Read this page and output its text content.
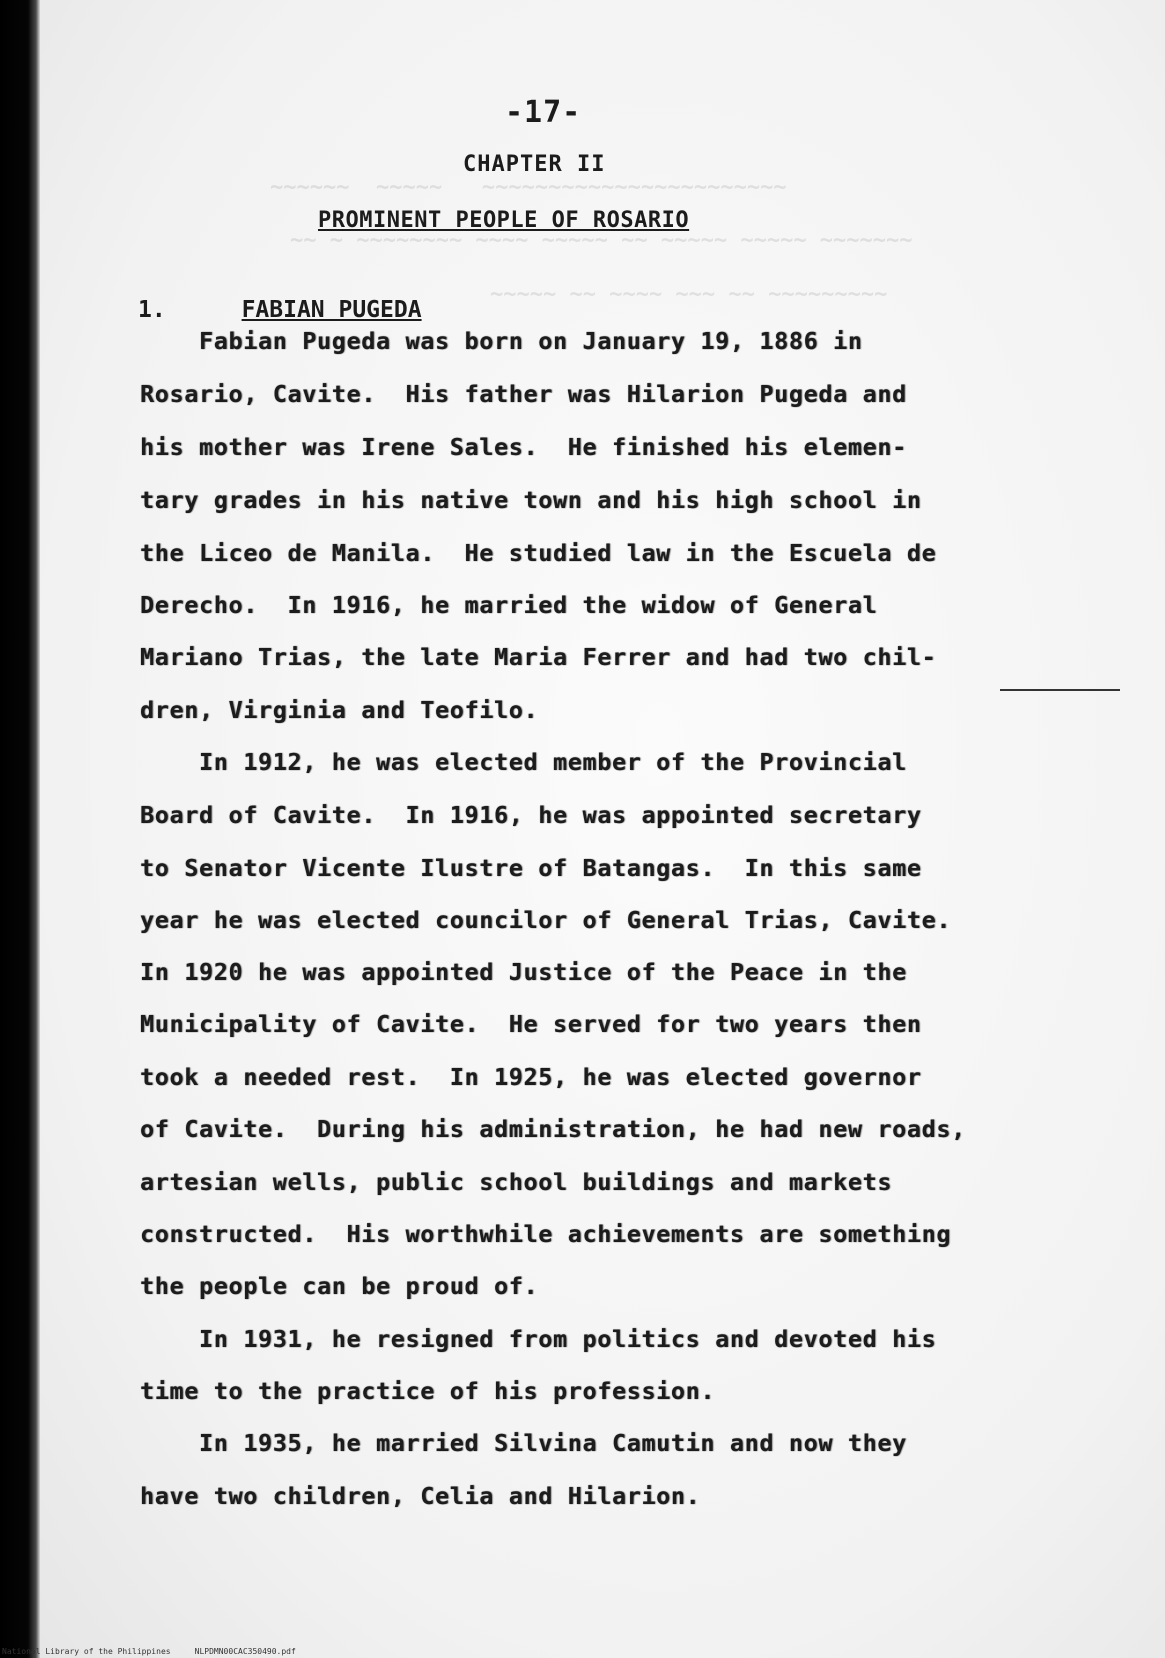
~~~~~~  ~~~~~   ~~~~~~~~~~~~~~~~~~~~~~~
~~ ~ ~~~~~~~~ ~~~~ ~~~~~ ~~ ~~~~~ ~~~~~ ~~~~~~~
~~~~~ ~~ ~~~~ ~~~ ~~ ~~~~~~~~~
-17-
CHAPTER II
PROMINENT PEOPLE OF ROSARIO
1.	FABIAN PUGEDA
Fabian Pugeda was born on January 19, 1886 in
Rosario, Cavite.  His father was Hilarion Pugeda and
his mother was Irene Sales.  He finished his elemen-
tary grades in his native town and his high school in
the Liceo de Manila.  He studied law in the Escuela de
Derecho.  In 1916, he married the widow of General
Mariano Trias, the late Maria Ferrer and had two chil-
dren, Virginia and Teofilo.
In 1912, he was elected member of the Provincial
Board of Cavite.  In 1916, he was appointed secretary
to Senator Vicente Ilustre of Batangas.  In this same
year he was elected councilor of General Trias, Cavite.
In 1920 he was appointed Justice of the Peace in the
Municipality of Cavite.  He served for two years then
took a needed rest.  In 1925, he was elected governor
of Cavite.  During his administration, he had new roads,
artesian wells, public school buildings and markets
constructed.  His worthwhile achievements are something
the people can be proud of.
In 1931, he resigned from politics and devoted his
time to the practice of his profession.
In 1935, he married Silvina Camutin and now they
have two children, Celia and Hilarion.
National Library of the Philippines     NLPDMN00CAC350490.pdf
